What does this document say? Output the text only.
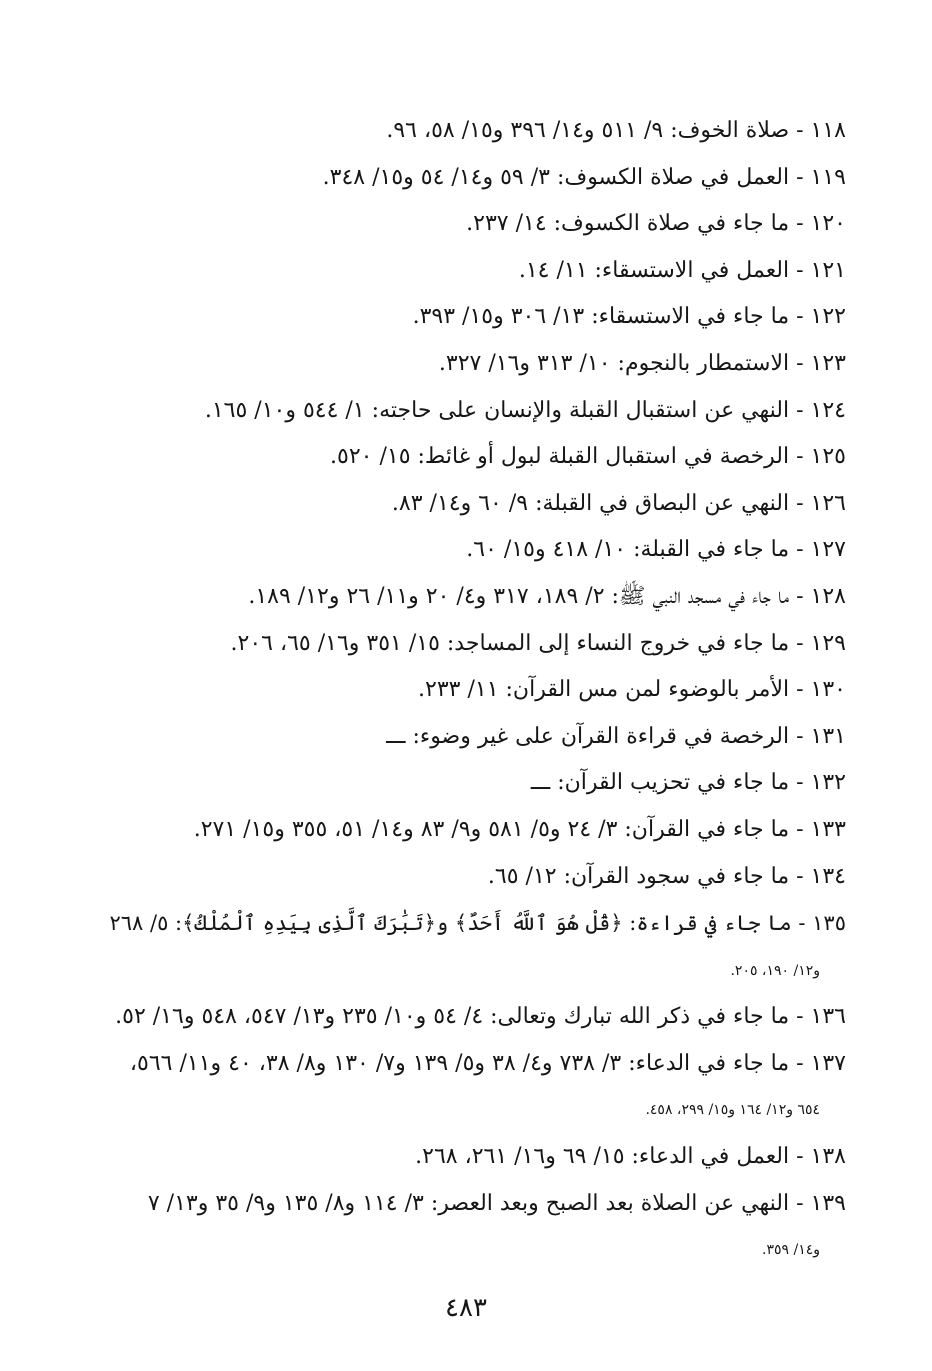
١١٨ - صلاة الخوف: ٩/ ٥١١ و١٤/ ٣٩٦ و١٥/ ٥٨، ٩٦.
١١٩ - العمل في صلاة الكسوف: ٣/ ٥٩ و١٤/ ٥٤ و١٥/ ٣٤٨.
١٢٠ - ما جاء في صلاة الكسوف: ١٤/ ٢٣٧.
١٢١ - العمل في الاستسقاء: ١١/ ١٤.
١٢٢ - ما جاء في الاستسقاء: ١٣/ ٣٠٦ و١٥/ ٣٩٣.
١٢٣ - الاستمطار بالنجوم: ١٠/ ٣١٣ و١٦/ ٣٢٧.
١٢٤ - النهي عن استقبال القبلة والإنسان على حاجته: ١/ ٥٤٤ و١٠/ ١٦٥.
١٢٥ - الرخصة في استقبال القبلة لبول أو غائط: ١٥/ ٥٢٠.
١٢٦ - النهي عن البصاق في القبلة: ٩/ ٦٠ و١٤/ ٨٣.
١٢٧ - ما جاء في القبلة: ١٠/ ٤١٨ و١٥/ ٦٠.
١٢٨ - ما جاء في مسجد النبي ﷺ: ٢/ ١٨٩، ٣١٧ و٤/ ٢٠ و١١/ ٢٦ و١٢/ ١٨٩.
١٢٩ - ما جاء في خروج النساء إلى المساجد: ١٥/ ٣٥١ و١٦/ ٦٥، ٢٠٦.
١٣٠ - الأمر بالوضوء لمن مس القرآن: ١١/ ٢٣٣.
١٣١ - الرخصة في قراءة القرآن على غير وضوء: ـــ
١٣٢ - ما جاء في تحزيب القرآن: ـــ
١٣٣ - ما جاء في القرآن: ٣/ ٢٤ و٥/ ٥٨١ و٩/ ٨٣ و١٤/ ٥١، ٣٥٥ و١٥/ ٢٧١.
١٣٤ - ما جاء في سجود القرآن: ١٢/ ٦٥.
١٣٥ - ما جاء في قراءة: ﴿قُلْ هُوَ ٱللَّهُ أَحَدٌ﴾ و﴿تَبَٰرَكَ ٱلَّذِى بِيَدِهِ ٱلْمُلْكُ﴾: ٥/ ٢٦٨
و١٢/ ١٩٠، ٢٠٥.
١٣٦ - ما جاء في ذكر الله تبارك وتعالى: ٤/ ٥٤ و١٠/ ٢٣٥ و١٣/ ٥٤٧، ٥٤٨ و١٦/ ٥٢.
١٣٧ - ما جاء في الدعاء: ٣/ ٧٣٨ و٤/ ٣٨ و٥/ ١٣٩ و٧/ ١٣٠ و٨/ ٣٨، ٤٠ و١١/ ٥٦٦،
٦٥٤ و١٢/ ١٦٤ و١٥/ ٢٩٩، ٤٥٨.
١٣٨ - العمل في الدعاء: ١٥/ ٦٩ و١٦/ ٢٦١، ٢٦٨.
١٣٩ - النهي عن الصلاة بعد الصبح وبعد العصر: ٣/ ١١٤ و٨/ ١٣٥ و٩/ ٣٥ و١٣/ ٧
و١٤/ ٣٥٩.
٤٨٣
